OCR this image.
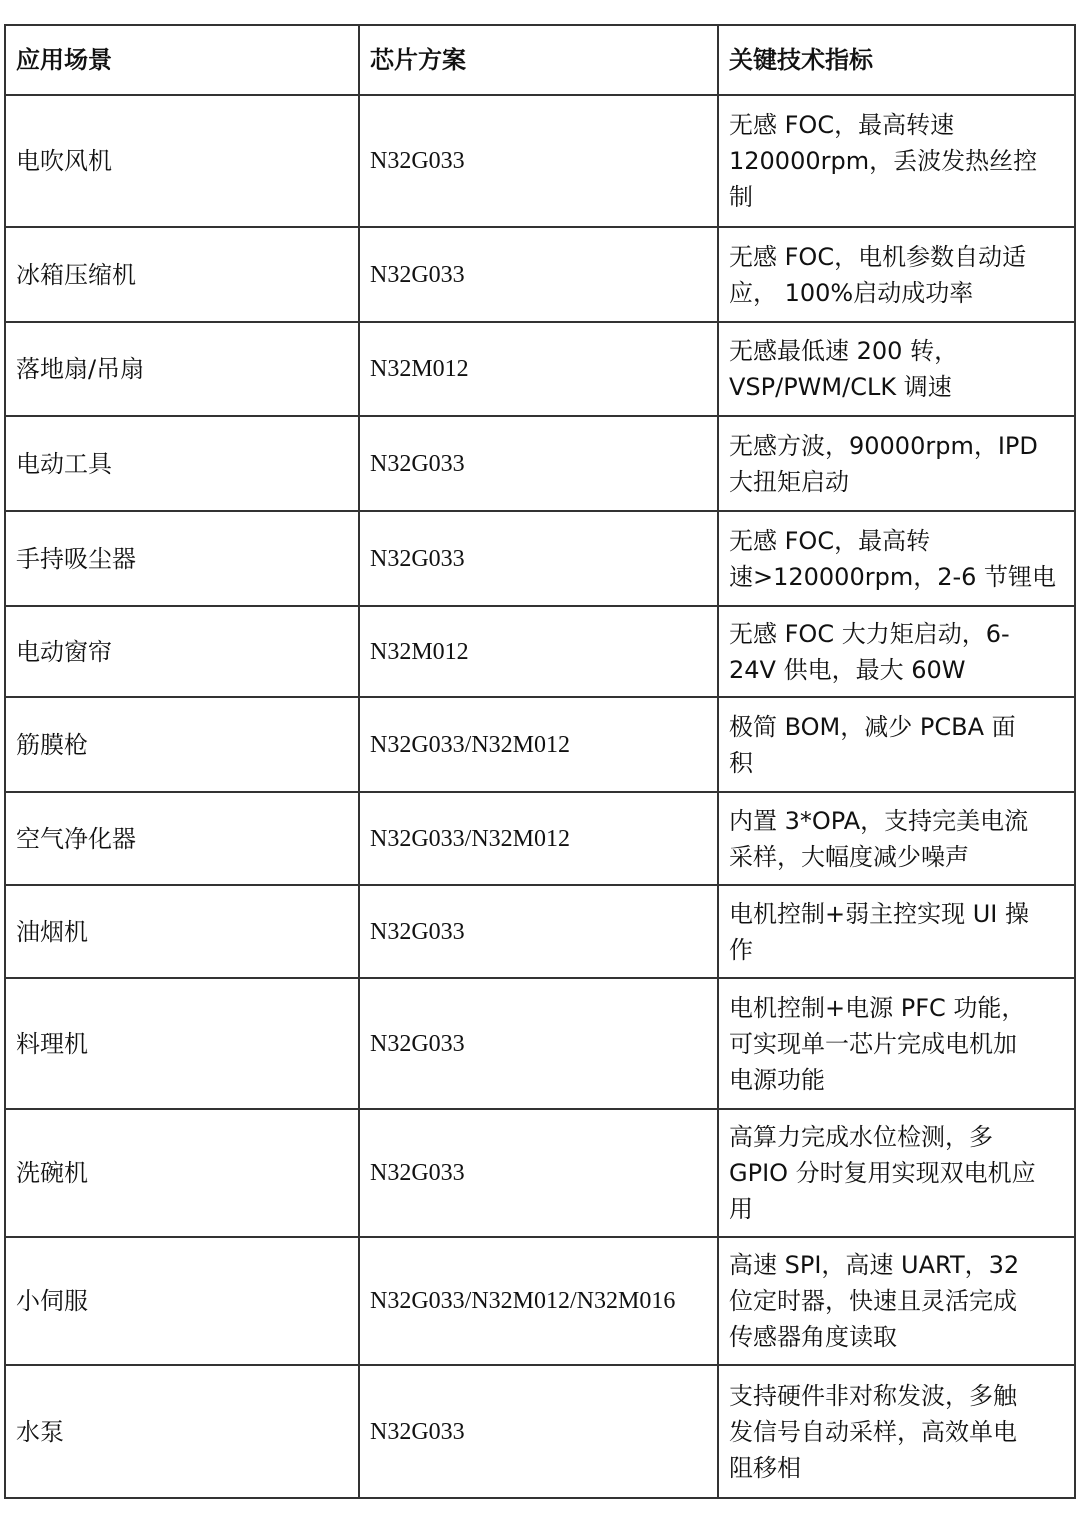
应用场景	芯片方案	关键技术指标
电吹风机	N32G033	无感 FOC，最高转速
120000rpm，丢波发热丝控
制

冰箱压缩机	N32G033	无感 FOC，电机参数自动适
应， 100%启动成功率

落地扇/吊扇	N32M012	无感最低速 200 转，
VSP/PWM/CLK 调速

电动工具	N32G033	无感方波，90000rpm，IPD
大扭矩启动

手持吸尘器	N32G033	无感 FOC，最高转
速>120000rpm，2-6 节锂电

电动窗帘	N32M012	无感 FOC 大力矩启动，6-
24V 供电，最大 60W

筋膜枪	N32G033/N32M012	极简 BOM，减少 PCBA 面
积

空气净化器	N32G033/N32M012	内置 3*OPA，支持完美电流
采样，大幅度减少噪声

油烟机	N32G033	电机控制+弱主控实现 UI 操
作

料理机	N32G033	电机控制+电源 PFC 功能，
可实现单一芯片完成电机加
电源功能

洗碗机	N32G033	高算力完成水位检测，多
GPIO 分时复用实现双电机应
用

小伺服	N32G033/N32M012/N32M016	高速 SPI，高速 UART，32
位定时器，快速且灵活完成
传感器角度读取

水泵	N32G033	支持硬件非对称发波，多触
发信号自动采样，高效单电
阻移相
